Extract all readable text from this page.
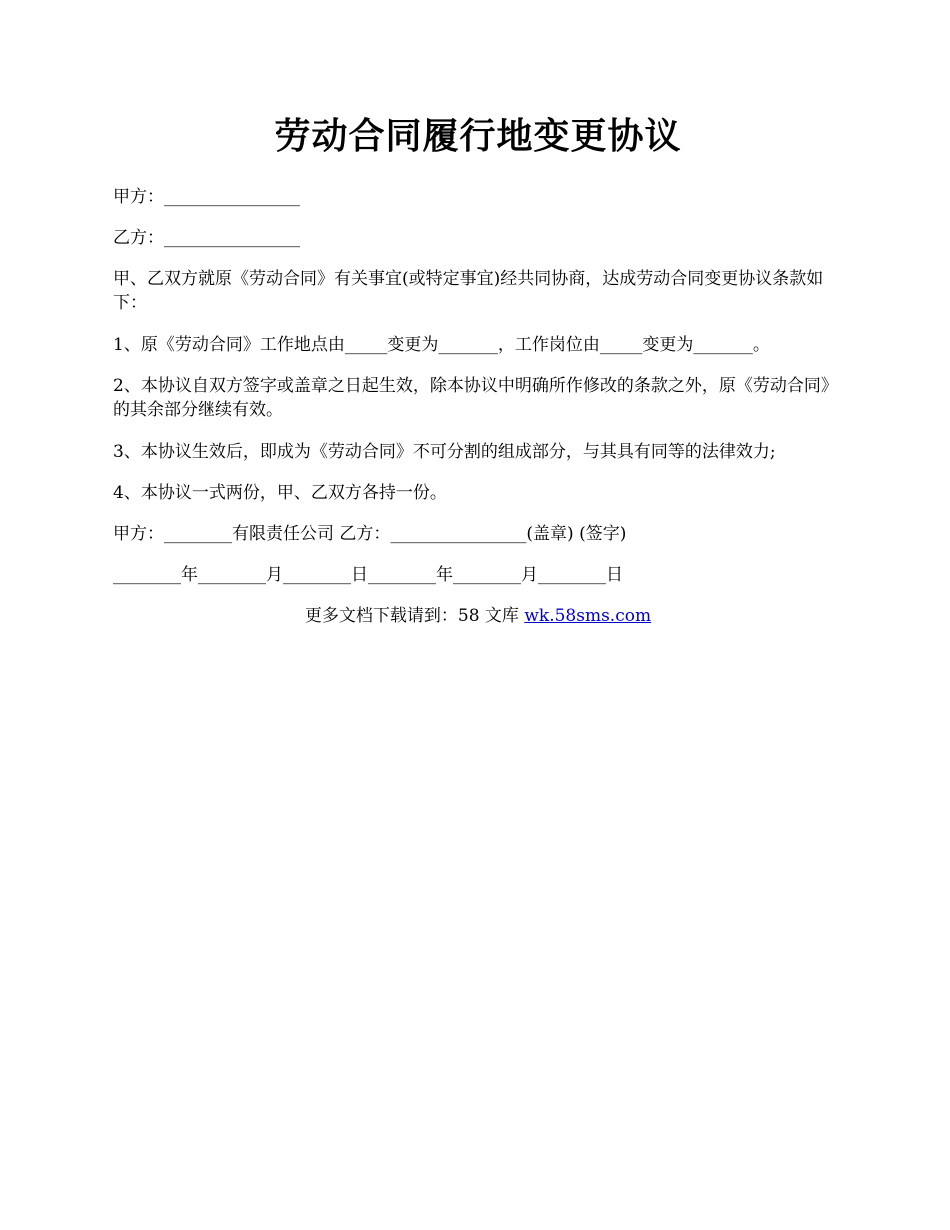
劳动合同履行地变更协议

甲方：________________

乙方：________________

甲、乙双方就原《劳动合同》有关事宜(或特定事宜)经共同协商，达成劳动合同变更协议条款如下：

1、原《劳动合同》工作地点由_____变更为_______，工作岗位由_____变更为_______。

2、本协议自双方签字或盖章之日起生效，除本协议中明确所作修改的条款之外，原《劳动合同》的其余部分继续有效。

3、本协议生效后，即成为《劳动合同》不可分割的组成部分，与其具有同等的法律效力;

4、本协议一式两份，甲、乙双方各持一份。

甲方：________有限责任公司 乙方：________________(盖章) (签字)

________年________月________日________年________月________日

更多文档下载请到：58 文库 wk.58sms.com
